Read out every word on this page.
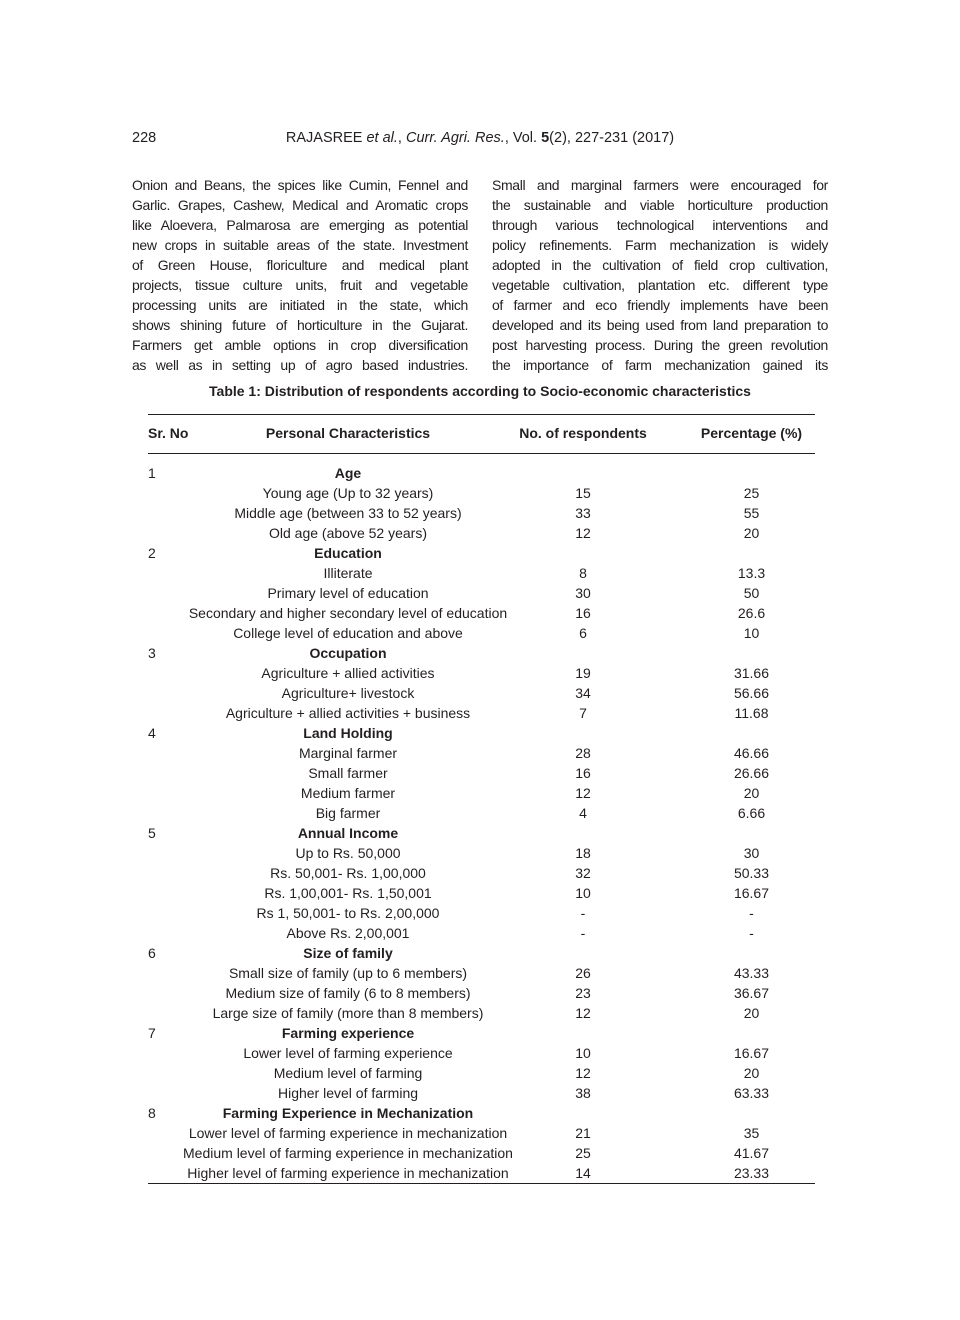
228	RAJASREE et al., Curr. Agri. Res., Vol. 5(2), 227-231 (2017)
Onion and Beans, the spices like Cumin, Fennel and
Garlic. Grapes, Cashew, Medical and Aromatic crops
like Aloevera, Palmarosa are emerging as potential
new crops in suitable areas of the state. Investment
of Green House, floriculture and medical plant
projects, tissue culture units, fruit and vegetable
processing units are initiated in the state, which
shows shining future of horticulture in the Gujarat.
Farmers get amble options in crop diversification
as well as in setting up of agro based industries.
Small and marginal farmers were encouraged for
the sustainable and viable horticulture production
through various technological interventions and
policy refinements. Farm mechanization is widely
adopted in the cultivation of field crop cultivation,
vegetable cultivation, plantation etc. different type
of farmer and eco friendly implements have been
developed and its being used from land preparation to
post harvesting process. During the green revolution
the importance of farm mechanization gained its
Table 1: Distribution of respondents according to Socio-economic characteristics
Sr. No	Personal Characteristics	No. of respondents	Percentage (%)
1	Age
Young age (Up to 32 years)	15	25
Middle age (between 33 to 52 years)	33	55
Old age (above 52 years)	12	20
2	Education
Illiterate	8	13.3
Primary level of education	30	50
Secondary and higher secondary level of education	16	26.6
College level of education and above	6	10
3	Occupation
Agriculture + allied activities	19	31.66
Agriculture+ livestock	34	56.66
Agriculture + allied activities + business	7	11.68
4	Land Holding
Marginal farmer	28	46.66
Small farmer	16	26.66
Medium farmer	12	20
Big farmer	4	6.66
5	Annual Income
Up to Rs. 50,000	18	30
Rs. 50,001- Rs. 1,00,000	32	50.33
Rs. 1,00,001- Rs. 1,50,001	10	16.67
Rs 1, 50,001- to Rs. 2,00,000	-	-
Above Rs. 2,00,001	-	-
6	Size of family
Small size of family (up to 6 members)	26	43.33
Medium size of family (6 to 8 members)	23	36.67
Large size of family (more than 8 members)	12	20
7	Farming experience
Lower level of farming experience	10	16.67
Medium level of farming	12	20
Higher level of farming	38	63.33
8	Farming Experience in Mechanization
Lower level of farming experience in mechanization	21	35
Medium level of farming experience in mechanization	25	41.67
Higher level of farming experience in mechanization	14	23.33
